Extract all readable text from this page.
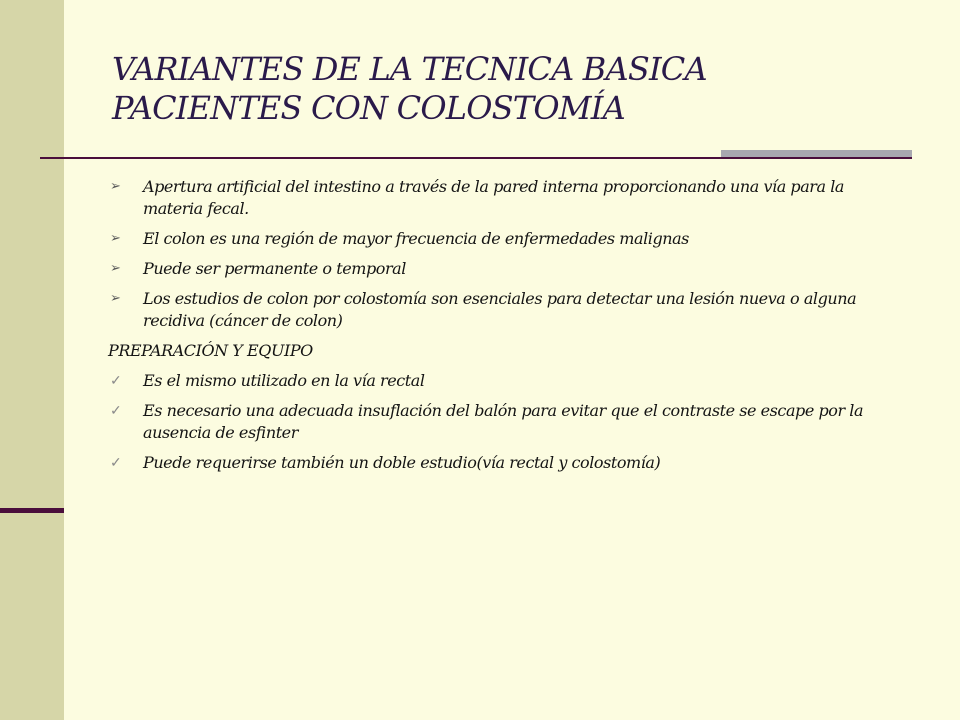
VARIANTES DE LA TECNICA BASICA
PACIENTES CON COLOSTOMÍA
➢ Apertura artificial del intestino a través de la pared interna proporcionando una vía para la materia fecal.
➢ El colon es una región de mayor frecuencia de enfermedades malignas
➢ Puede ser permanente o temporal
➢ Los estudios de colon por colostomía son esenciales para detectar una lesión nueva o alguna recidiva (cáncer de colon)
PREPARACIÓN Y EQUIPO
✓ Es el mismo utilizado en la vía rectal
✓ Es necesario una adecuada insuflación del balón para evitar que el contraste se escape por la ausencia de esfinter
✓ Puede requerirse también un doble estudio(vía rectal y colostomía)
